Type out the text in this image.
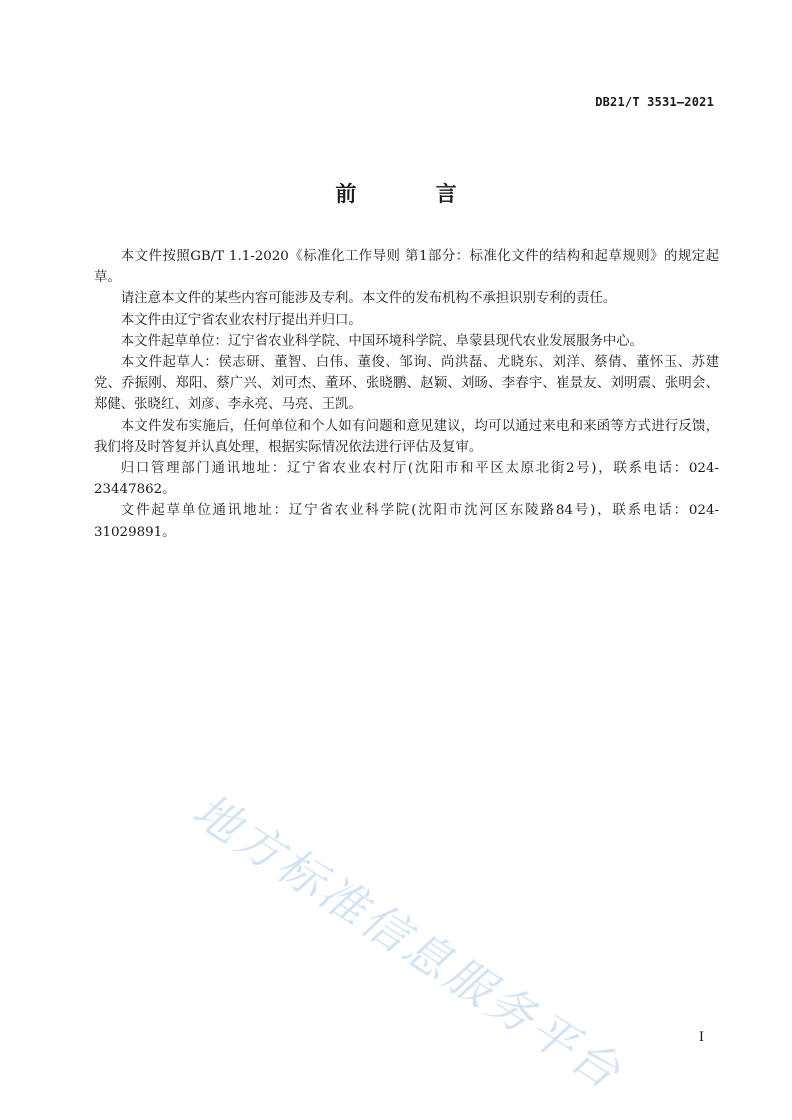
DB21/T 3531—2021
前 言

本文件按照GB/T 1.1-2020《标准化工作导则 第1部分：标准化文件的结构和起草规则》的规定起草。

请注意本文件的某些内容可能涉及专利。本文件的发布机构不承担识别专利的责任。

本文件由辽宁省农业农村厅提出并归口。

本文件起草单位：辽宁省农业科学院、中国环境科学院、阜蒙县现代农业发展服务中心。

本文件起草人：侯志研、董智、白伟、董俊、邹询、尚洪磊、尤晓东、刘洋、蔡倩、董怀玉、苏建党、乔振刚、郑阳、蔡广兴、刘可杰、董环、张晓鹏、赵颖、刘旸、李春宇、崔景友、刘明震、张明会、郑健、张晓红、刘彦、李永亮、马亮、王凯。

本文件发布实施后，任何单位和个人如有问题和意见建议，均可以通过来电和来函等方式进行反馈，我们将及时答复并认真处理，根据实际情况依法进行评估及复审。

归口管理部门通讯地址：辽宁省农业农村厅(沈阳市和平区太原北街2号)，联系电话：024-23447862。

文件起草单位通讯地址：辽宁省农业科学院(沈阳市沈河区东陵路84号)，联系电话：024-31029891。

地方标准信息服务平台	I
